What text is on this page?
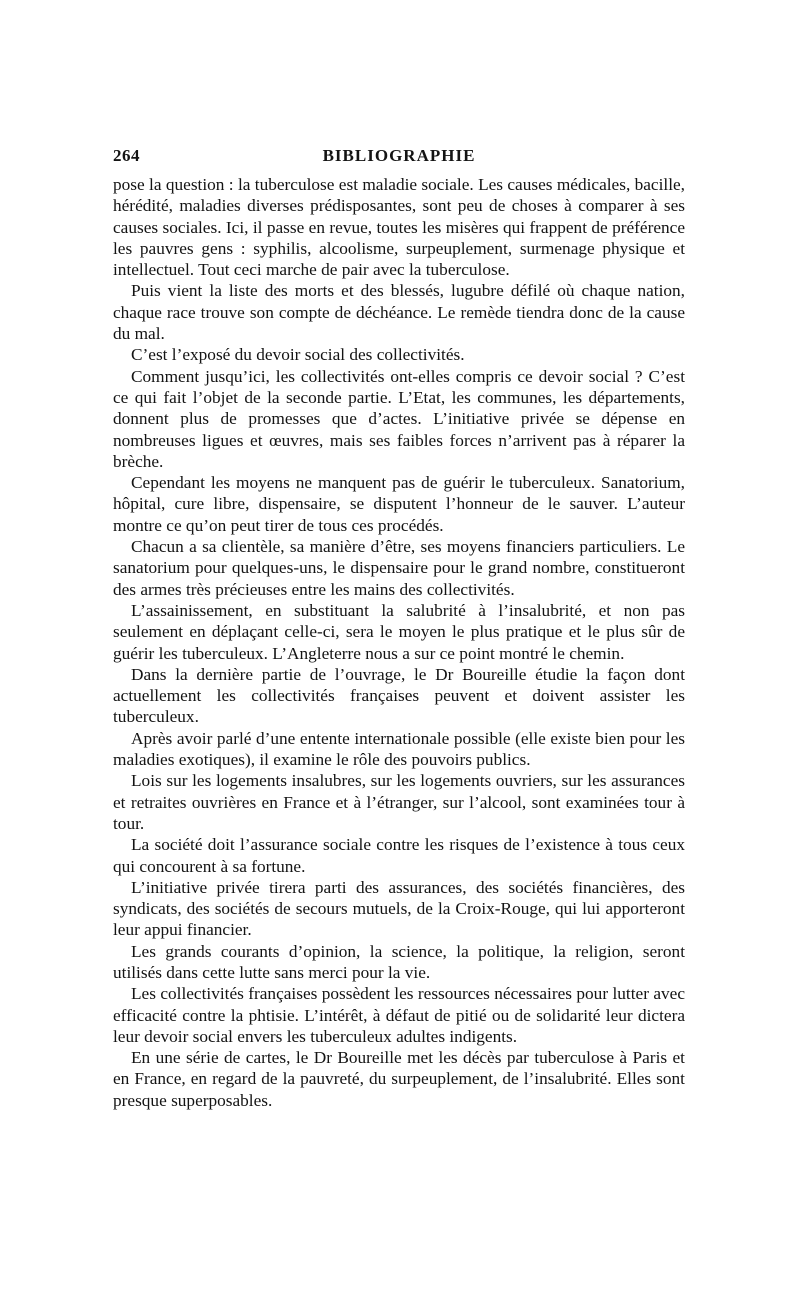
264	BIBLIOGRAPHIE

pose la question : la tuberculose est maladie sociale. Les causes médicales, bacille, hérédité, maladies diverses prédisposantes, sont peu de choses à comparer à ses causes sociales. Ici, il passe en revue, toutes les misères qui frappent de préférence les pauvres gens : syphilis, alcoolisme, surpeuplement, surmenage physique et intellectuel. Tout ceci marche de pair avec la tuberculose.

Puis vient la liste des morts et des blessés, lugubre défilé où chaque nation, chaque race trouve son compte de déchéance. Le remède tiendra donc de la cause du mal.

C’est l’exposé du devoir social des collectivités.

Comment jusqu’ici, les collectivités ont-elles compris ce devoir social ? C’est ce qui fait l’objet de la seconde partie. L’Etat, les communes, les départements, donnent plus de promesses que d’actes. L’initiative privée se dépense en nombreuses ligues et œuvres, mais ses faibles forces n’arrivent pas à réparer la brèche.

Cependant les moyens ne manquent pas de guérir le tuberculeux. Sanatorium, hôpital, cure libre, dispensaire, se disputent l’honneur de le sauver. L’auteur montre ce qu’on peut tirer de tous ces procédés.

Chacun a sa clientèle, sa manière d’être, ses moyens financiers particuliers. Le sanatorium pour quelques-uns, le dispensaire pour le grand nombre, constitueront des armes très précieuses entre les mains des collectivités.

L’assainissement, en substituant la salubrité à l’insalubrité, et non pas seulement en déplaçant celle-ci, sera le moyen le plus pratique et le plus sûr de guérir les tuberculeux. L’Angleterre nous a sur ce point montré le chemin.

Dans la dernière partie de l’ouvrage, le Dr Boureille étudie la façon dont actuellement les collectivités françaises peuvent et doivent assister les tuberculeux.

Après avoir parlé d’une entente internationale possible (elle existe bien pour les maladies exotiques), il examine le rôle des pouvoirs publics.

Lois sur les logements insalubres, sur les logements ouvriers, sur les assurances et retraites ouvrières en France et à l’étranger, sur l’alcool, sont examinées tour à tour.

La société doit l’assurance sociale contre les risques de l’existence à tous ceux qui concourent à sa fortune.

L’initiative privée tirera parti des assurances, des sociétés financières, des syndicats, des sociétés de secours mutuels, de la Croix-Rouge, qui lui apporteront leur appui financier.

Les grands courants d’opinion, la science, la politique, la religion, seront utilisés dans cette lutte sans merci pour la vie.

Les collectivités françaises possèdent les ressources nécessaires pour lutter avec efficacité contre la phtisie. L’intérêt, à défaut de pitié ou de solidarité leur dictera leur devoir social envers les tuberculeux adultes indigents.

En une série de cartes, le Dr Boureille met les décès par tuberculose à Paris et en France, en regard de la pauvreté, du surpeuplement, de l’insalubrité. Elles sont presque superposables.
